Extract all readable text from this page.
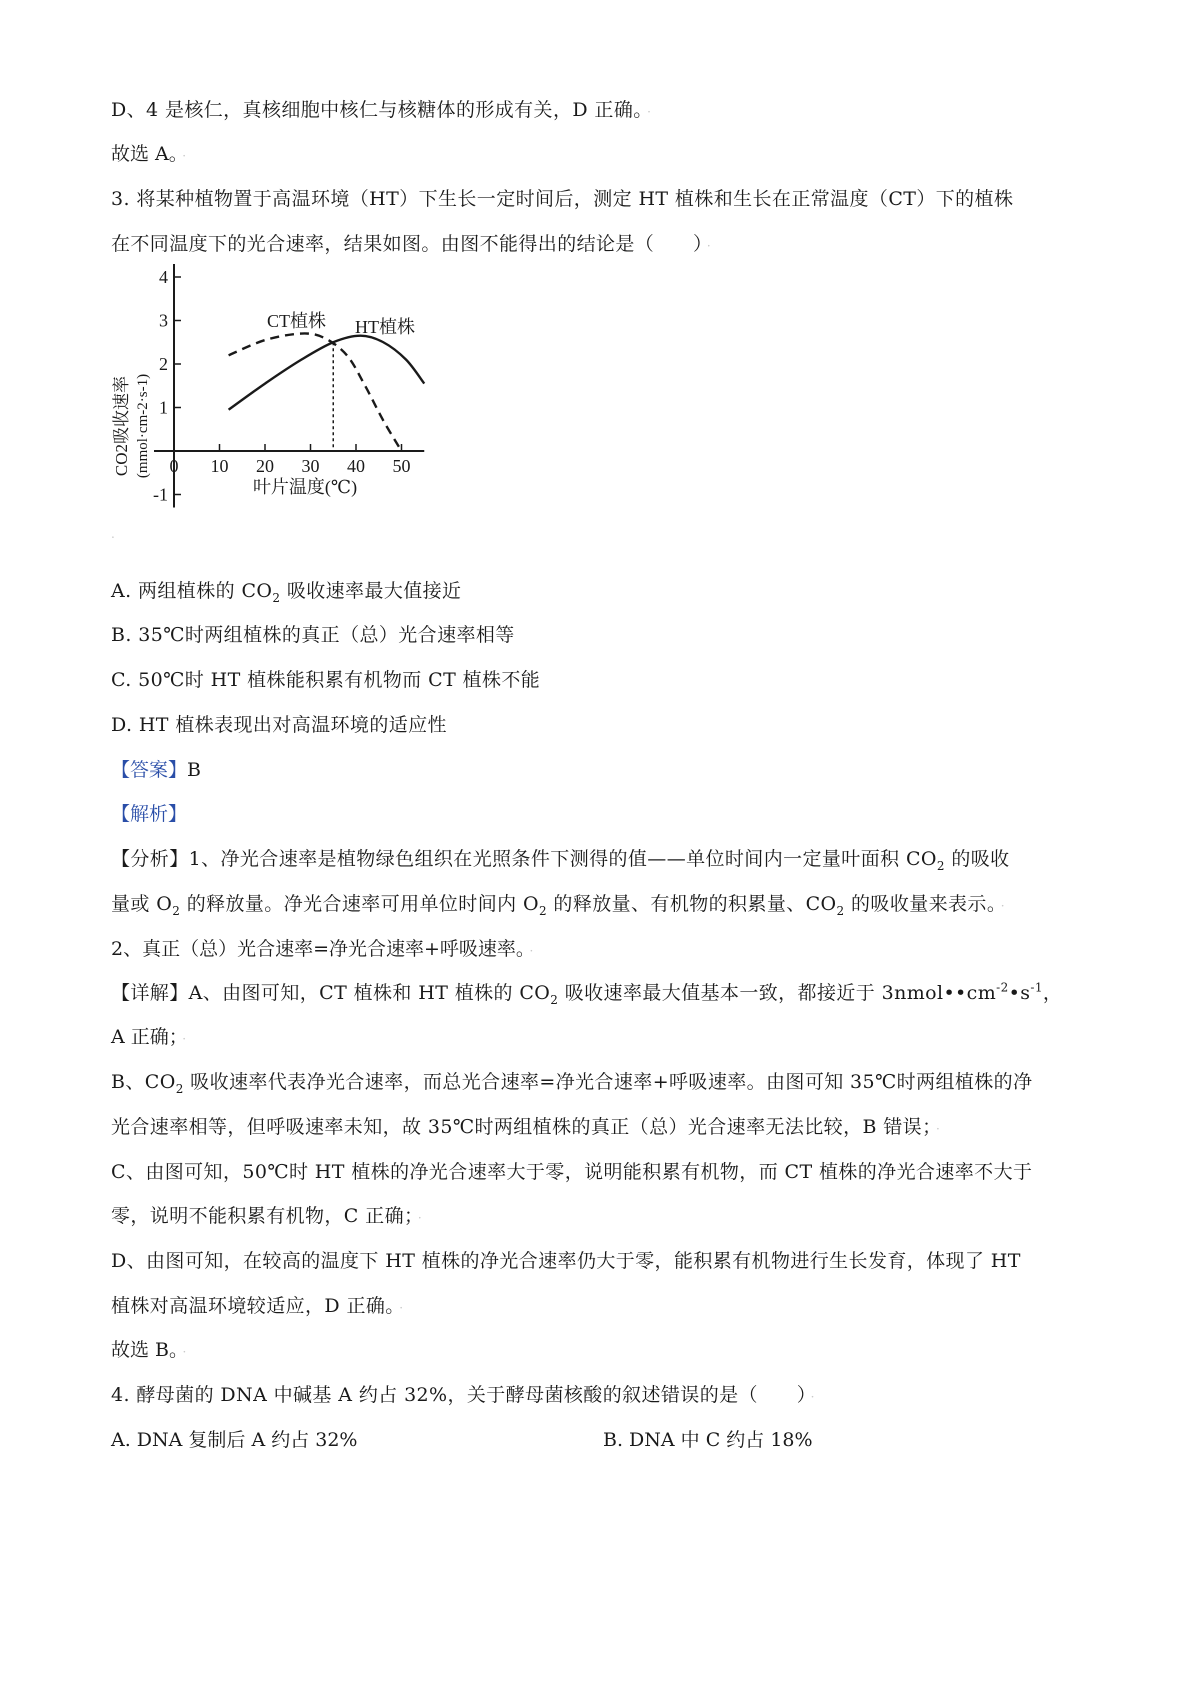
D、4 是核仁，真核细胞中核仁与核糖体的形成有关，D 正确。 ·
故选 A。 ·
3. 将某种植物置于高温环境（HT）下生长一定时间后，测定 HT 植株和生长在正常温度（CT）下的植株
在不同温度下的光合速率，结果如图。由图不能得出的结论是（　　） ·
-1
1
2
3
4
0 10 20 30 40 50
CO2吸收速率 (mmol·cm-2·s-1)
叶片温度(℃)
CT植株 HT植株
.
A. 两组植株的 $CO_2$ 吸收速率最大值接近
B. 35℃时两组植株的真正（总）光合速率相等
C. 50℃时 HT 植株能积累有机物而 CT 植株不能
D. HT 植株表现出对高温环境的适应性
【答案】B
【解析】
【分析】1、净光合速率是植物绿色组织在光照条件下测得的值——单位时间内一定量叶面积 $CO_2$ 的吸收
量或 $O_2$ 的释放量。净光合速率可用单位时间内 $O_2$ 的释放量、有机物的积累量、$CO_2$ 的吸收量来表示。 ·
2、真正（总）光合速率=净光合速率+呼吸速率。 ·
【详解】A、由图可知，CT 植株和 HT 植株的 $CO_2$ 吸收速率最大值基本一致，都接近于 $3nmol••cm^{-2}•s^{-1}$，
A 正确； ·
B、$CO_2$ 吸收速率代表净光合速率，而总光合速率=净光合速率+呼吸速率。由图可知 35℃时两组植株的净
光合速率相等，但呼吸速率未知，故 35℃时两组植株的真正（总）光合速率无法比较，B 错误； ·
C、由图可知，50℃时 HT 植株的净光合速率大于零，说明能积累有机物，而 CT 植株的净光合速率不大于
零，说明不能积累有机物，C 正确； ·
D、由图可知，在较高的温度下 HT 植株的净光合速率仍大于零，能积累有机物进行生长发育，体现了 HT
植株对高温环境较适应，D 正确。 ·
故选 B。 ·
4. 酵母菌的 DNA 中碱基 A 约占 32%，关于酵母菌核酸的叙述错误的是（　　） ·
A. DNA 复制后 A 约占 32%	B. DNA 中 C 约占 18%
